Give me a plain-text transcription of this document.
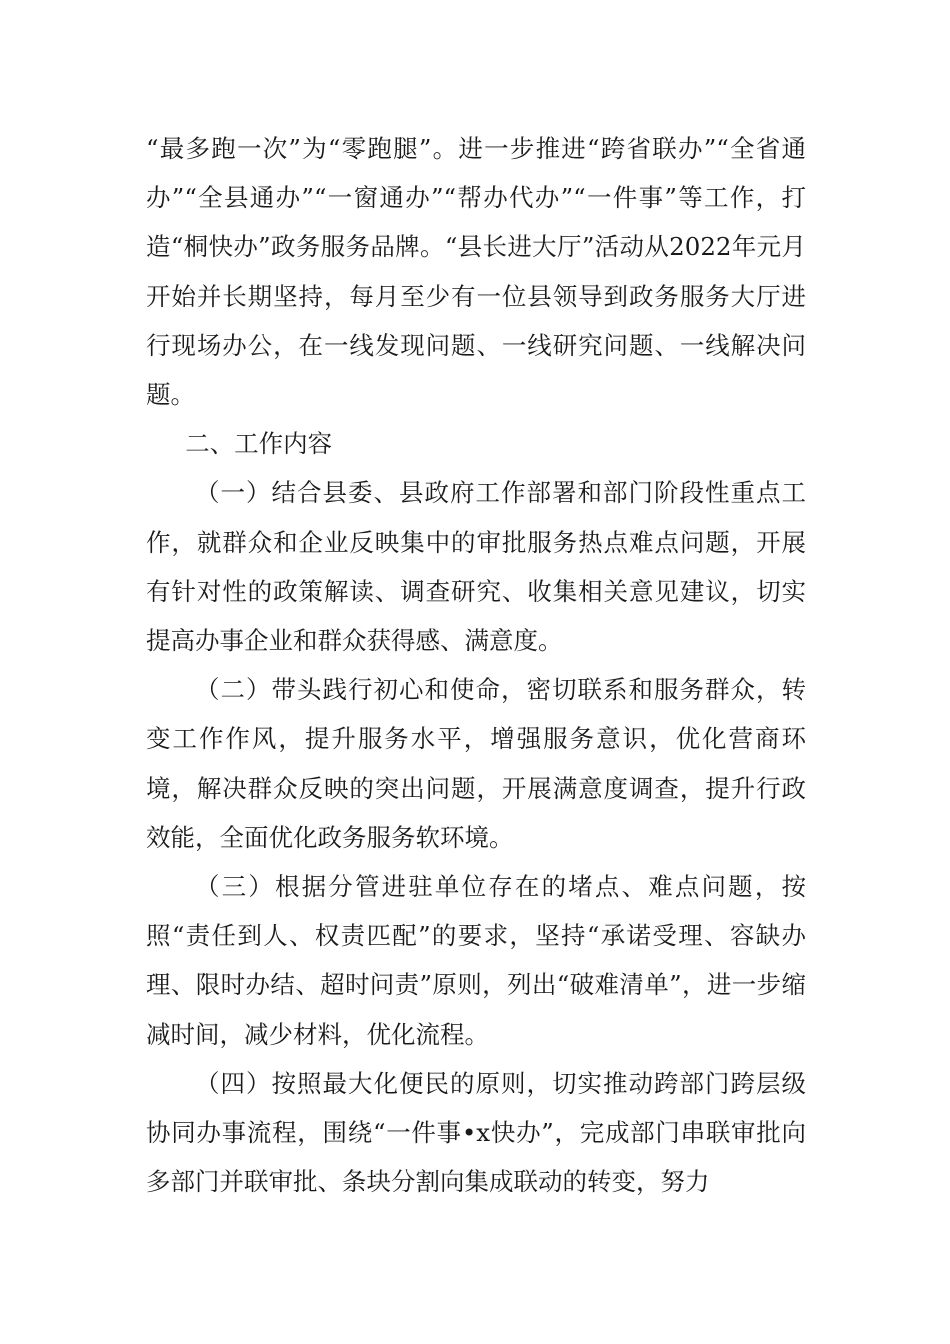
“最多跑一次”为“零跑腿”。进一步推进“跨省联办”“全省通办”“全县通办”“一窗通办”“帮办代办”“一件事”等工作，打造“桐快办”政务服务品牌。“县长进大厅”活动从2022年元月开始并长期坚持，每月至少有一位县领导到政务服务大厅进行现场办公，在一线发现问题、一线研究问题、一线解决问题。

二、工作内容

（一）结合县委、县政府工作部署和部门阶段性重点工作，就群众和企业反映集中的审批服务热点难点问题，开展有针对性的政策解读、调查研究、收集相关意见建议，切实提高办事企业和群众获得感、满意度。

（二）带头践行初心和使命，密切联系和服务群众，转变工作作风，提升服务水平，增强服务意识，优化营商环境，解决群众反映的突出问题，开展满意度调查，提升行政效能，全面优化政务服务软环境。

（三）根据分管进驻单位存在的堵点、难点问题，按照“责任到人、权责匹配”的要求，坚持“承诺受理、容缺办理、限时办结、超时问责”原则，列出“破难清单”，进一步缩减时间，减少材料，优化流程。

（四）按照最大化便民的原则，切实推动跨部门跨层级协同办事流程，围绕“一件事•x快办”，完成部门串联审批向多部门并联审批、条块分割向集成联动的转变，努力
